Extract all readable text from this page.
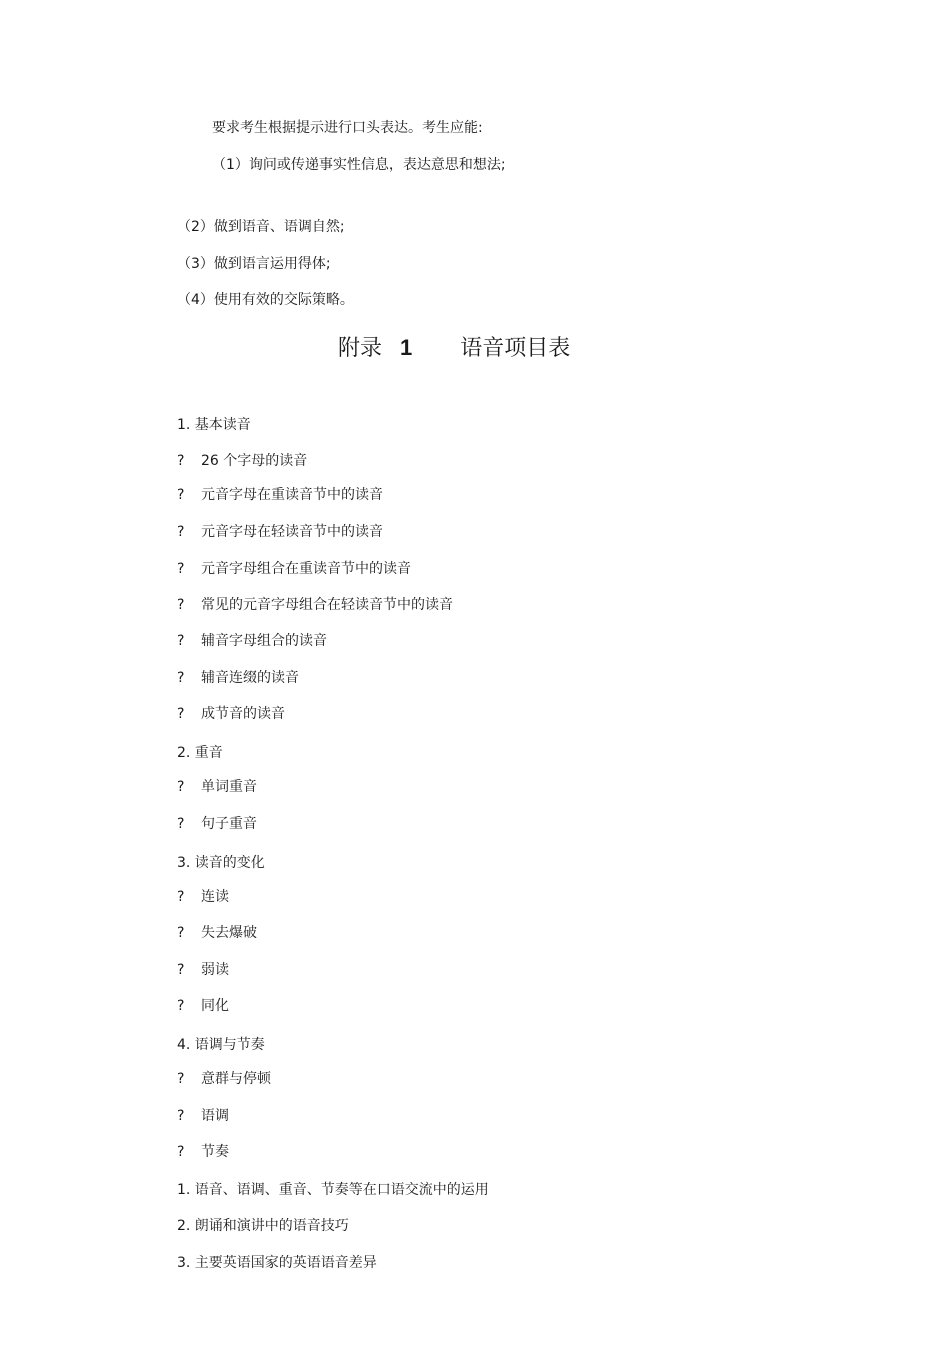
要求考生根据提示进行口头表达。考生应能:
（1）询问或传递事实性信息，表达意思和想法;
（2）做到语音、语调自然;
（3）做到语言运用得体;
（4）使用有效的交际策略。
附录 1 语音项目表
1. 基本读音
? 26 个字母的读音
? 元音字母在重读音节中的读音
? 元音字母在轻读音节中的读音
? 元音字母组合在重读音节中的读音
? 常见的元音字母组合在轻读音节中的读音
? 辅音字母组合的读音
? 辅音连缀的读音
? 成节音的读音
2. 重音
? 单词重音
? 句子重音
3. 读音的变化
? 连读
? 失去爆破
? 弱读
? 同化
4. 语调与节奏
? 意群与停顿
? 语调
? 节奏
1. 语音、语调、重音、节奏等在口语交流中的运用
2. 朗诵和演讲中的语音技巧
3. 主要英语国家的英语语音差异
